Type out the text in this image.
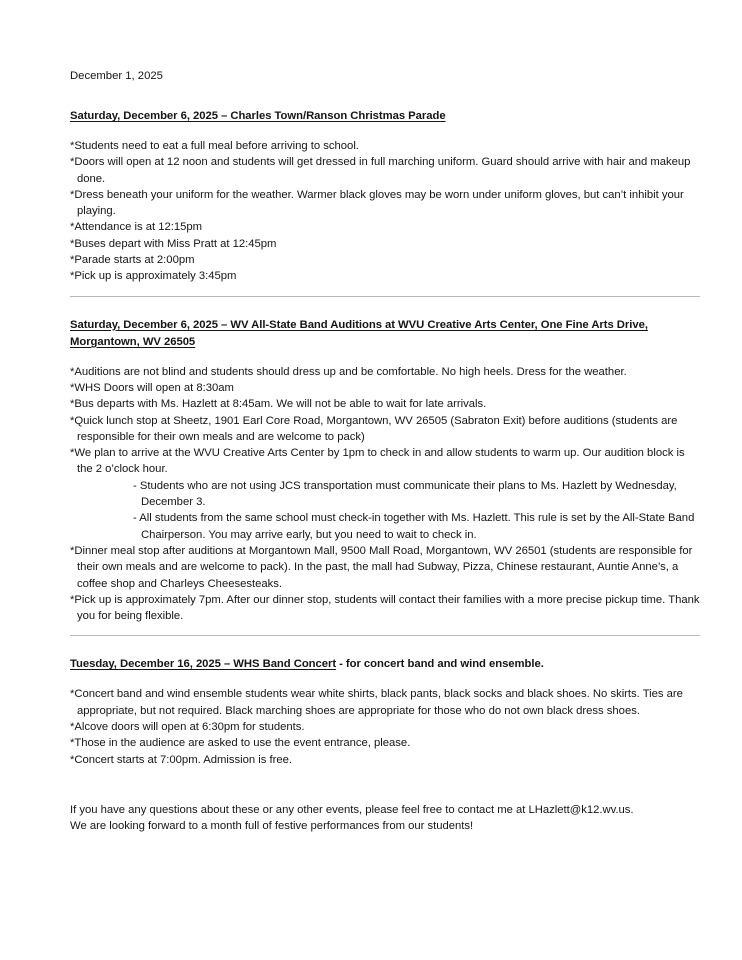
December 1, 2025

Saturday, December 6, 2025 – Charles Town/Ranson Christmas Parade

*Students need to eat a full meal before arriving to school.
*Doors will open at 12 noon and students will get dressed in full marching uniform. Guard should arrive with hair and makeup done.
*Dress beneath your uniform for the weather. Warmer black gloves may be worn under uniform gloves, but can’t inhibit your playing.
*Attendance is at 12:15pm
*Buses depart with Miss Pratt at 12:45pm
*Parade starts at 2:00pm
*Pick up is approximately 3:45pm

Saturday, December 6, 2025 – WV All-State Band Auditions at WVU Creative Arts Center, One Fine Arts Drive, Morgantown, WV 26505

*Auditions are not blind and students should dress up and be comfortable. No high heels. Dress for the weather.
*WHS Doors will open at 8:30am
*Bus departs with Ms. Hazlett at 8:45am. We will not be able to wait for late arrivals.
*Quick lunch stop at Sheetz, 1901 Earl Core Road, Morgantown, WV 26505 (Sabraton Exit) before auditions (students are responsible for their own meals and are welcome to pack)
*We plan to arrive at the WVU Creative Arts Center by 1pm to check in and allow students to warm up. Our audition block is the 2 o’clock hour.
- Students who are not using JCS transportation must communicate their plans to Ms. Hazlett by Wednesday, December 3.
- All students from the same school must check-in together with Ms. Hazlett. This rule is set by the All-State Band Chairperson. You may arrive early, but you need to wait to check in.
*Dinner meal stop after auditions at Morgantown Mall, 9500 Mall Road, Morgantown, WV 26501 (students are responsible for their own meals and are welcome to pack). In the past, the mall had Subway, Pizza, Chinese restaurant, Auntie Anne’s, a coffee shop and Charleys Cheesesteaks.
*Pick up is approximately 7pm. After our dinner stop, students will contact their families with a more precise pickup time. Thank you for being flexible.

Tuesday, December 16, 2025 – WHS Band Concert - for concert band and wind ensemble.

*Concert band and wind ensemble students wear white shirts, black pants, black socks and black shoes. No skirts. Ties are appropriate, but not required. Black marching shoes are appropriate for those who do not own black dress shoes.
*Alcove doors will open at 6:30pm for students.
*Those in the audience are asked to use the event entrance, please.
*Concert starts at 7:00pm. Admission is free.

If you have any questions about these or any other events, please feel free to contact me at LHazlett@k12.wv.us.

We are looking forward to a month full of festive performances from our students!
